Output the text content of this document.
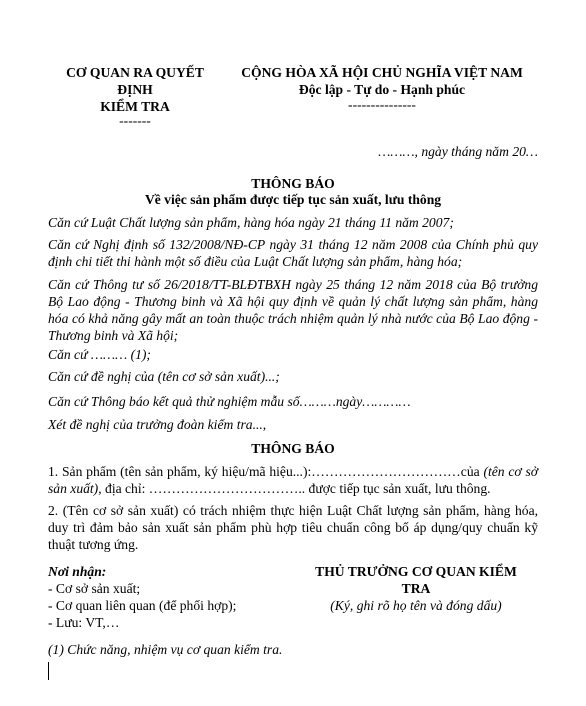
CƠ QUAN RA QUYẾT
ĐỊNH
KIỂM TRA
-------
CỘNG HÒA XÃ HỘI CHỦ NGHĨA VIỆT NAM
Độc lập - Tự do - Hạnh phúc
---------------
………, ngày tháng năm 20…
THÔNG BÁO
Về việc sản phẩm được tiếp tục sản xuất, lưu thông
Căn cứ Luật Chất lượng sản phẩm, hàng hóa ngày 21 tháng 11 năm 2007;
Căn cứ Nghị định số 132/2008/NĐ-CP ngày 31 tháng 12 năm 2008 của Chính phủ quy định chi tiết thi hành một số điều của Luật Chất lượng sản phẩm, hàng hóa;
Căn cứ Thông tư số 26/2018/TT-BLĐTBXH ngày 25 tháng 12 năm 2018 của Bộ trưởng Bộ Lao động - Thương binh và Xã hội quy định về quản lý chất lượng sản phẩm, hàng hóa có khả năng gây mất an toàn thuộc trách nhiệm quản lý nhà nước của Bộ Lao động - Thương binh và Xã hội;
Căn cứ ……… (1);
Căn cứ đề nghị của (tên cơ sở sản xuất)...;
Căn cứ Thông báo kết quả thử nghiệm mẫu số………ngày…………
Xét đề nghị của trưởng đoàn kiểm tra...,
THÔNG BÁO
1. Sản phẩm (tên sản phẩm, ký hiệu/mã hiệu...):……………………………của (tên cơ sở sản xuất), địa chỉ: …………………………….. được tiếp tục sản xuất, lưu thông.
2. (Tên cơ sở sản xuất) có trách nhiệm thực hiện Luật Chất lượng sản phẩm, hàng hóa, duy trì đảm bảo sản xuất sản phẩm phù hợp tiêu chuẩn công bố áp dụng/quy chuẩn kỹ thuật tương ứng.
Nơi nhận:
- Cơ sở sản xuất;
- Cơ quan liên quan (để phối hợp);
- Lưu: VT,…
THỦ TRƯỞNG CƠ QUAN KIỂM
TRA
(Ký, ghi rõ họ tên và đóng dấu)
(1) Chức năng, nhiệm vụ cơ quan kiểm tra.
